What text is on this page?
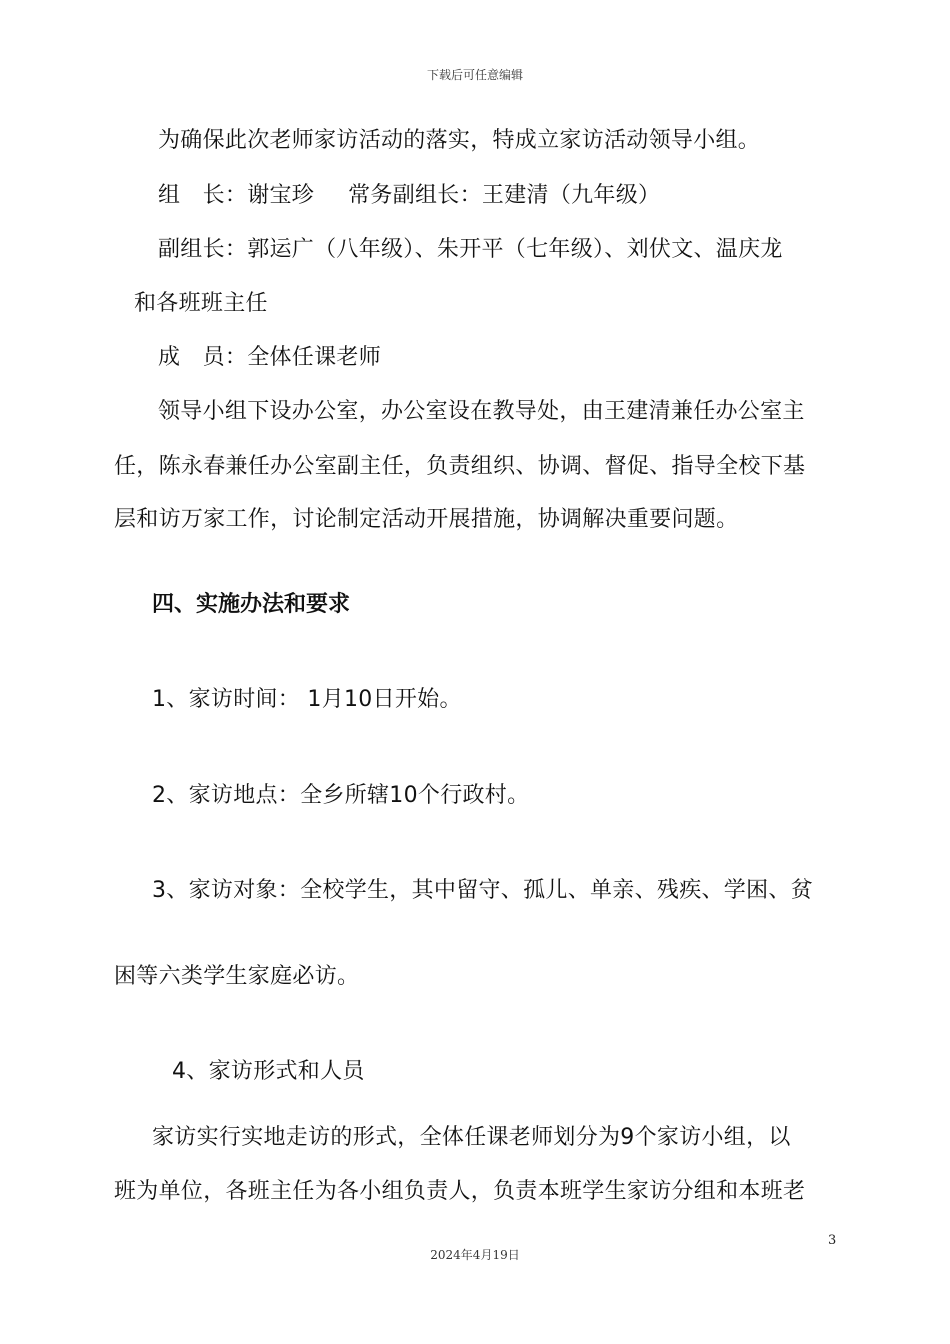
下载后可任意编辑
为确保此次老师家访活动的落实，特成立家访活动领导小组。
组　长：谢宝珍 常务副组长：王建清（九年级）
副组长：郭运广（八年级）、朱开平（七年级）、刘伏文、温庆龙
和各班班主任
成　员：全体任课老师
领导小组下设办公室，办公室设在教导处，由王建清兼任办公室主
任，陈永春兼任办公室副主任，负责组织、协调、督促、指导全校下基
层和访万家工作，讨论制定活动开展措施，协调解决重要问题。
四、实施办法和要求
1、家访时间： 1月10日开始。
2、家访地点：全乡所辖10个行政村。
3、家访对象：全校学生，其中留守、孤儿、单亲、残疾、学困、贫
困等六类学生家庭必访。
4、家访形式和人员
家访实行实地走访的形式，全体任课老师划分为9个家访小组，以
班为单位，各班主任为各小组负责人，负责本班学生家访分组和本班老
3
2024年4月19日
